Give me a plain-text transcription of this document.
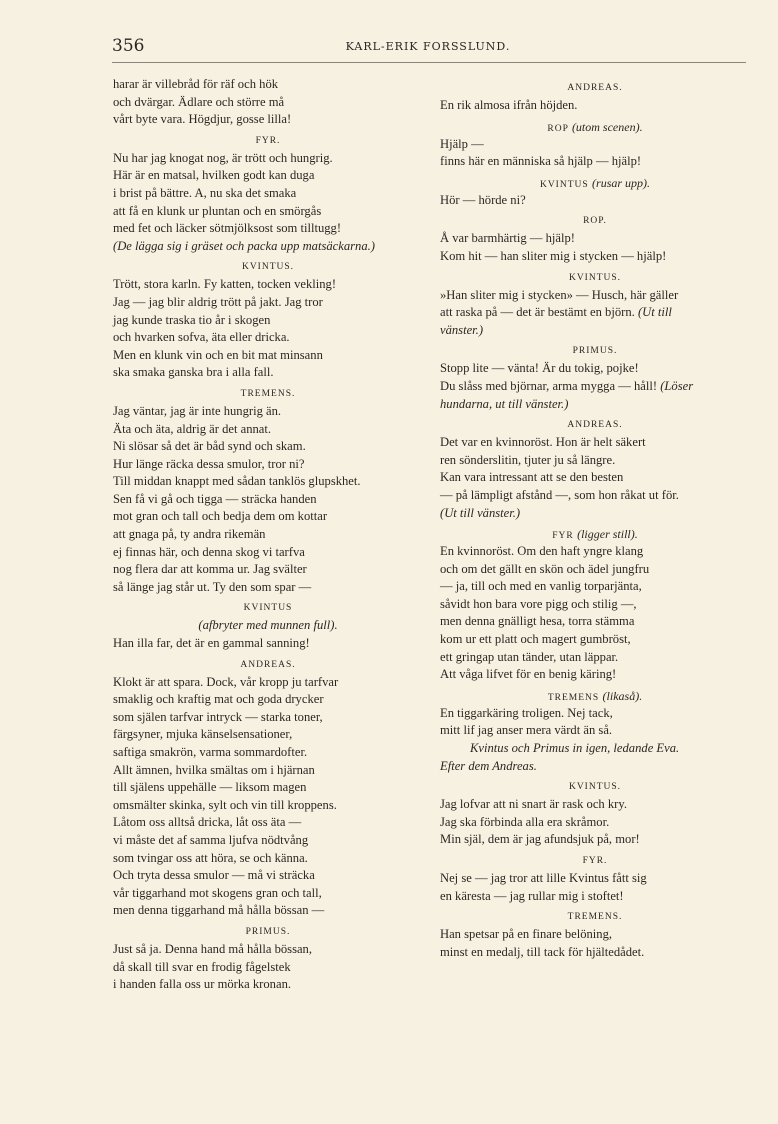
356	KARL-ERIK FORSSLUND.
harar är villebråd för räf och hök
och dvärgar. Ädlare och större må
vårt byte vara. Högdjur, gosse lilla!
FYR.
Nu har jag knogat nog, är trött och hungrig.
Här är en matsal, hvilken godt kan duga
i brist på bättre. A, nu ska det smaka
att få en klunk ur pluntan och en smörgås
med fet och läcker sötmjölksost som tilltugg!
(De lägga sig i gräset och packa upp matsäckarna.)
KVINTUS.
Trött, stora karln. Fy katten, tocken vekling!
Jag — jag blir aldrig trött på jakt. Jag tror
jag kunde traska tio år i skogen
och hvarken sofva, äta eller dricka.
Men en klunk vin och en bit mat minsann
ska smaka ganska bra i alla fall.
TREMENS.
Jag väntar, jag är inte hungrig än.
Äta och äta, aldrig är det annat.
Ni slösar så det är båd synd och skam.
Hur länge räcka dessa smulor, tror ni?
Till middan knappt med sådan tanklös glupskhet.
Sen få vi gå och tigga — sträcka handen
mot gran och tall och bedja dem om kottar
att gnaga på, ty andra rikemän
ej finnas här, och denna skog vi tarfva
nog flera dar att komma ur. Jag svälter
så länge jag står ut. Ty den som spar —
KVINTUS
(afbryter med munnen full).
Han illa far, det är en gammal sanning!
ANDREAS.
Klokt är att spara. Dock, vår kropp ju tarfvar
smaklig och kraftig mat och goda drycker
som själen tarfvar intryck — starka toner,
färgsyner, mjuka känselsensationer,
saftiga smakrön, varma sommardofter.
Allt ämnen, hvilka smältas om i hjärnan
till själens uppehälle — liksom magen
omsmälter skinka, sylt och vin till kroppens.
Låtom oss alltså dricka, låt oss äta —
vi måste det af samma ljufva nödtvång
som tvingar oss att höra, se och känna.
Och tryta dessa smulor — må vi sträcka
vår tiggarhand mot skogens gran och tall,
men denna tiggarhand må hålla bössan —
PRIMUS.
Just så ja. Denna hand må hålla bössan,
då skall till svar en frodig fågelstek
i handen falla oss ur mörka kronan.
ANDREAS.
En rik almosa ifrån höjden.
ROP (utom scenen).
Hjälp —
finns här en människa så hjälp — hjälp!
KVINTUS (rusar upp).
Hör — hörde ni?
ROP.
Å var barmhärtig — hjälp!
Kom hit — han sliter mig i stycken — hjälp!
KVINTUS.
»Han sliter mig i stycken» — Husch, här gäller
att raska på — det är bestämt en björn. (Ut till
vänster.)
PRIMUS.
Stopp lite — vänta! Är du tokig, pojke!
Du slåss med björnar, arma mygga — håll! (Löser
hundarna, ut till vänster.)
ANDREAS.
Det var en kvinnoröst. Hon är helt säkert
ren sönderslitin, tjuter ju så längre.
Kan vara intressant att se den besten
— på lämpligt afstånd —, som hon råkat ut för.
(Ut till vänster.)
FYR (ligger still).
En kvinnoröst. Om den haft yngre klang
och om det gällt en skön och ädel jungfru
— ja, till och med en vanlig torparjänta,
såvidt hon bara vore pigg och stilig —,
men denna gnälligt hesa, torra stämma
kom ur ett platt och magert gumbröst,
ett gringap utan tänder, utan läppar.
Att våga lifvet för en benig käring!
TREMENS (likaså).
En tiggarkäring troligen. Nej tack,
mitt lif jag anser mera värdt än så.
Kvintus och Primus in igen, ledande Eva.
Efter dem Andreas.
KVINTUS.
Jag lofvar att ni snart är rask och kry.
Jag ska förbinda alla era skråmor.
Min själ, dem är jag afundsjuk på, mor!
FYR.
Nej se — jag tror att lille Kvintus fått sig
en käresta — jag rullar mig i stoftet!
TREMENS.
Han spetsar på en finare belöning,
minst en medalj, till tack för hjältedådet.
